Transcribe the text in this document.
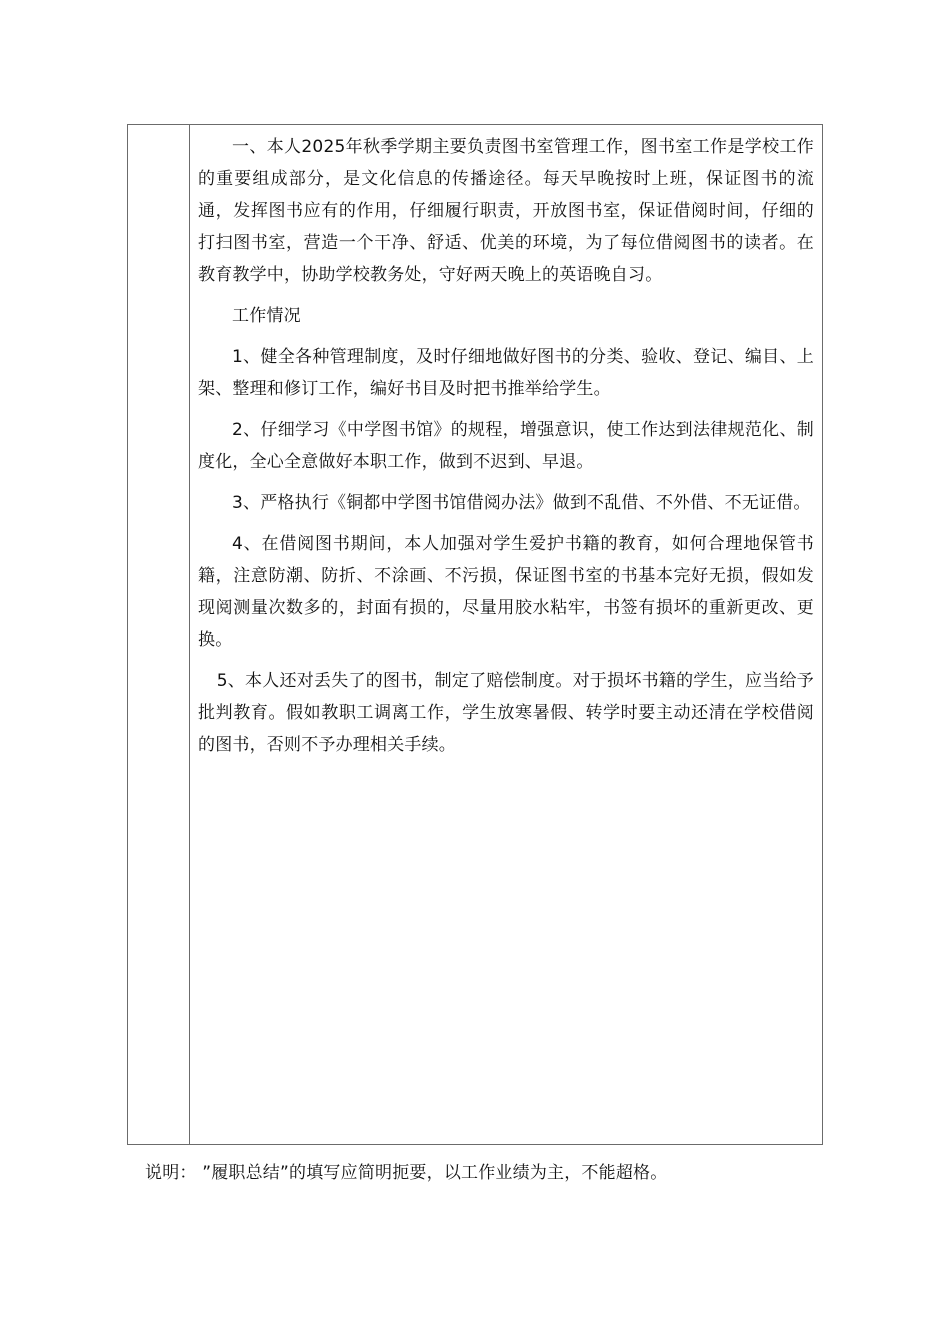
一、本人2025年秋季学期主要负责图书室管理工作，图书室工作是学校工作的重要组成部分，是文化信息的传播途径。每天早晚按时上班，保证图书的流通，发挥图书应有的作用，仔细履行职责，开放图书室，保证借阅时间，仔细的打扫图书室，营造一个干净、舒适、优美的环境，为了每位借阅图书的读者。在教育教学中，协助学校教务处，守好两天晚上的英语晚自习。

工作情况

1、健全各种管理制度，及时仔细地做好图书的分类、验收、登记、编目、上架、整理和修订工作，编好书目及时把书推举给学生。

2、仔细学习《中学图书馆》的规程，增强意识，使工作达到法律规范化、制度化，全心全意做好本职工作，做到不迟到、早退。

3、严格执行《铜都中学图书馆借阅办法》做到不乱借、不外借、不无证借。

4、在借阅图书期间，本人加强对学生爱护书籍的教育，如何合理地保管书籍，注意防潮、防折、不涂画、不污损，保证图书室的书基本完好无损，假如发现阅测量次数多的，封面有损的，尽量用胶水粘牢，书签有损坏的重新更改、更换。

5、本人还对丢失了的图书，制定了赔偿制度。对于损坏书籍的学生，应当给予批判教育。假如教职工调离工作，学生放寒暑假、转学时要主动还清在学校借阅的图书，否则不予办理相关手续。

说明： ”履职总结”的填写应简明扼要，以工作业绩为主，不能超格。
